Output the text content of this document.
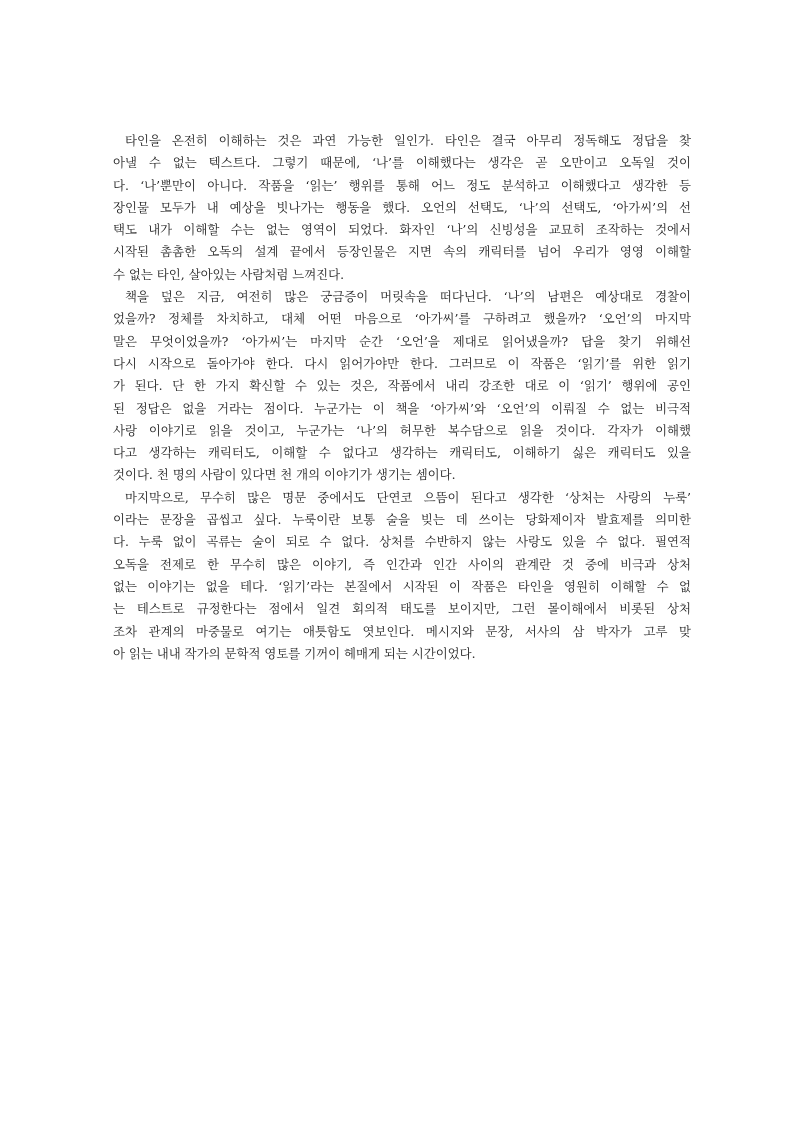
타인을 온전히 이해하는 것은 과연 가능한 일인가. 타인은 결국 아무리 정독해도 정답을 찾
아낼 수 없는 텍스트다. 그렇기 때문에, ‘나’를 이해했다는 생각은 곧 오만이고 오독일 것이
다. ‘나’뿐만이 아니다. 작품을 ‘읽는’ 행위를 통해 어느 정도 분석하고 이해했다고 생각한 등
장인물 모두가 내 예상을 빗나가는 행동을 했다. 오언의 선택도, ‘나’의 선택도, ‘아가씨’의 선
택도 내가 이해할 수는 없는 영역이 되었다. 화자인 ‘나’의 신빙성을 교묘히 조작하는 것에서
시작된 촘촘한 오독의 설계 끝에서 등장인물은 지면 속의 캐릭터를 넘어 우리가 영영 이해할
수 없는 타인, 살아있는 사람처럼 느껴진다.

책을 덮은 지금, 여전히 많은 궁금증이 머릿속을 떠다닌다. ‘나’의 남편은 예상대로 경찰이
었을까? 정체를 차치하고, 대체 어떤 마음으로 ‘아가씨’를 구하려고 했을까? ‘오언’의 마지막
말은 무엇이었을까? ‘아가씨’는 마지막 순간 ‘오언’을 제대로 읽어냈을까? 답을 찾기 위해선
다시 시작으로 돌아가야 한다. 다시 읽어가야만 한다. 그러므로 이 작품은 ‘읽기’를 위한 읽기
가 된다. 단 한 가지 확신할 수 있는 것은, 작품에서 내리 강조한 대로 이 ‘읽기’ 행위에 공인
된 정답은 없을 거라는 점이다. 누군가는 이 책을 ‘아가씨’와 ‘오언’의 이뤄질 수 없는 비극적
사랑 이야기로 읽을 것이고, 누군가는 ‘나’의 허무한 복수담으로 읽을 것이다. 각자가 이해했
다고 생각하는 캐릭터도, 이해할 수 없다고 생각하는 캐릭터도, 이해하기 싫은 캐릭터도 있을
것이다. 천 명의 사람이 있다면 천 개의 이야기가 생기는 셈이다.

마지막으로, 무수히 많은 명문 중에서도 단연코 으뜸이 된다고 생각한 ‘상처는 사랑의 누룩’
이라는 문장을 곱씹고 싶다. 누룩이란 보통 술을 빚는 데 쓰이는 당화제이자 발효제를 의미한
다. 누룩 없이 곡류는 술이 되로 수 없다. 상처를 수반하지 않는 사랑도 있을 수 없다. 필연적
오독을 전제로 한 무수히 많은 이야기, 즉 인간과 인간 사이의 관계란 것 중에 비극과 상처
없는 이야기는 없을 테다. ‘읽기’라는 본질에서 시작된 이 작품은 타인을 영원히 이해할 수 없
는 테스트로 규정한다는 점에서 일견 회의적 태도를 보이지만, 그런 몰이해에서 비롯된 상처
조차 관계의 마중물로 여기는 애틋함도 엿보인다. 메시지와 문장, 서사의 삼 박자가 고루 맞
아 읽는 내내 작가의 문학적 영토를 기꺼이 헤매게 되는 시간이었다.
